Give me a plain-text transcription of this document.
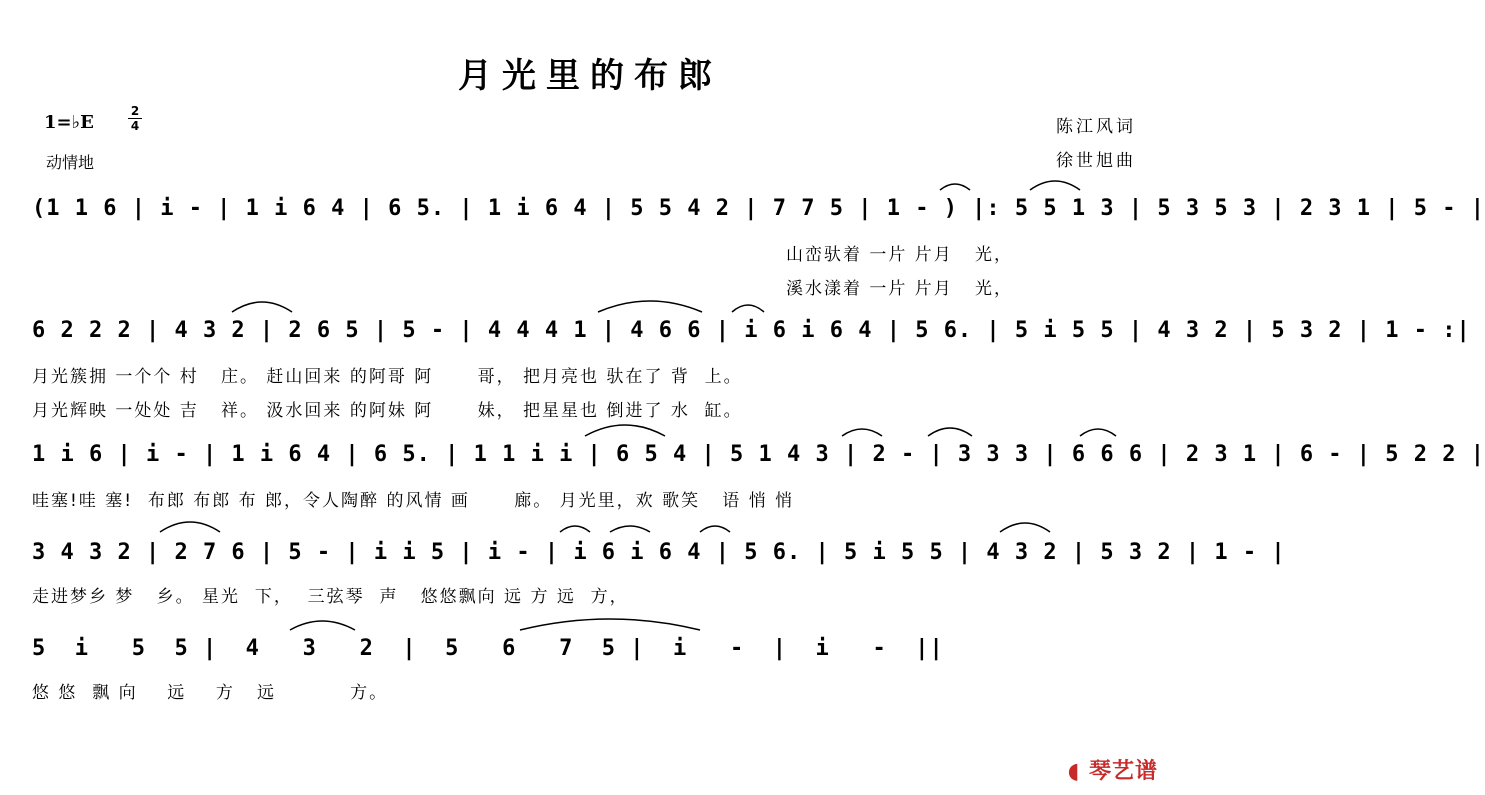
月光里的布郎
1=♭E
2
4
动情地
陈江风词
徐世旭曲
(1 1 6 | i - | 1 i 6 4 | 6 5. | 1 i 6 4 | 5 5 4 2 | 7 7 5 | 1 - ) |: 5 5 1 3 | 5 3 5 3 | 2 3 1 | 5 - |
山峦驮着 一片 片月   光，
溪水漾着 一片 片月   光，
6 2 2 2 | 4 3 2 | 2 6 5 | 5 - | 4 4 4 1 | 4 6 6 | i 6 i 6 4 | 5 6. | 5 i 5 5 | 4 3 2 | 5 3 2 | 1 - :|
月光簇拥 一个个 村   庄。 赶山回来 的阿哥 阿      哥， 把月亮也 驮在了 背  上。
月光辉映 一处处 吉   祥。 汲水回来 的阿妹 阿      妹， 把星星也 倒进了 水  缸。
1 i 6 | i - | 1 i 6 4 | 6 5. | 1 1 i i | 6 5 4 | 5 1 4 3 | 2 - | 3 3 3 | 6 6 6 | 2 3 1 | 6 - | 5 2 2 |
哇塞!哇 塞!  布郎 布郎 布 郎，令人陶醉 的风情 画      廊。 月光里，欢 歌笑   语 悄 悄
3 4 3 2 | 2 7 6 | 5 - | i i 5 | i - | i 6 i 6 4 | 5 6. | 5 i 5 5 | 4 3 2 | 5 3 2 | 1 - |
走进梦乡 梦   乡。 星光  下，  三弦琴  声   悠悠飘向 远 方 远  方，
5  i   5  5 |  4   3   2  |  5   6   7  5 |  i   -  |  i   -  ||
悠 悠  飘 向    远    方   远          方。
◖ 琴艺谱
